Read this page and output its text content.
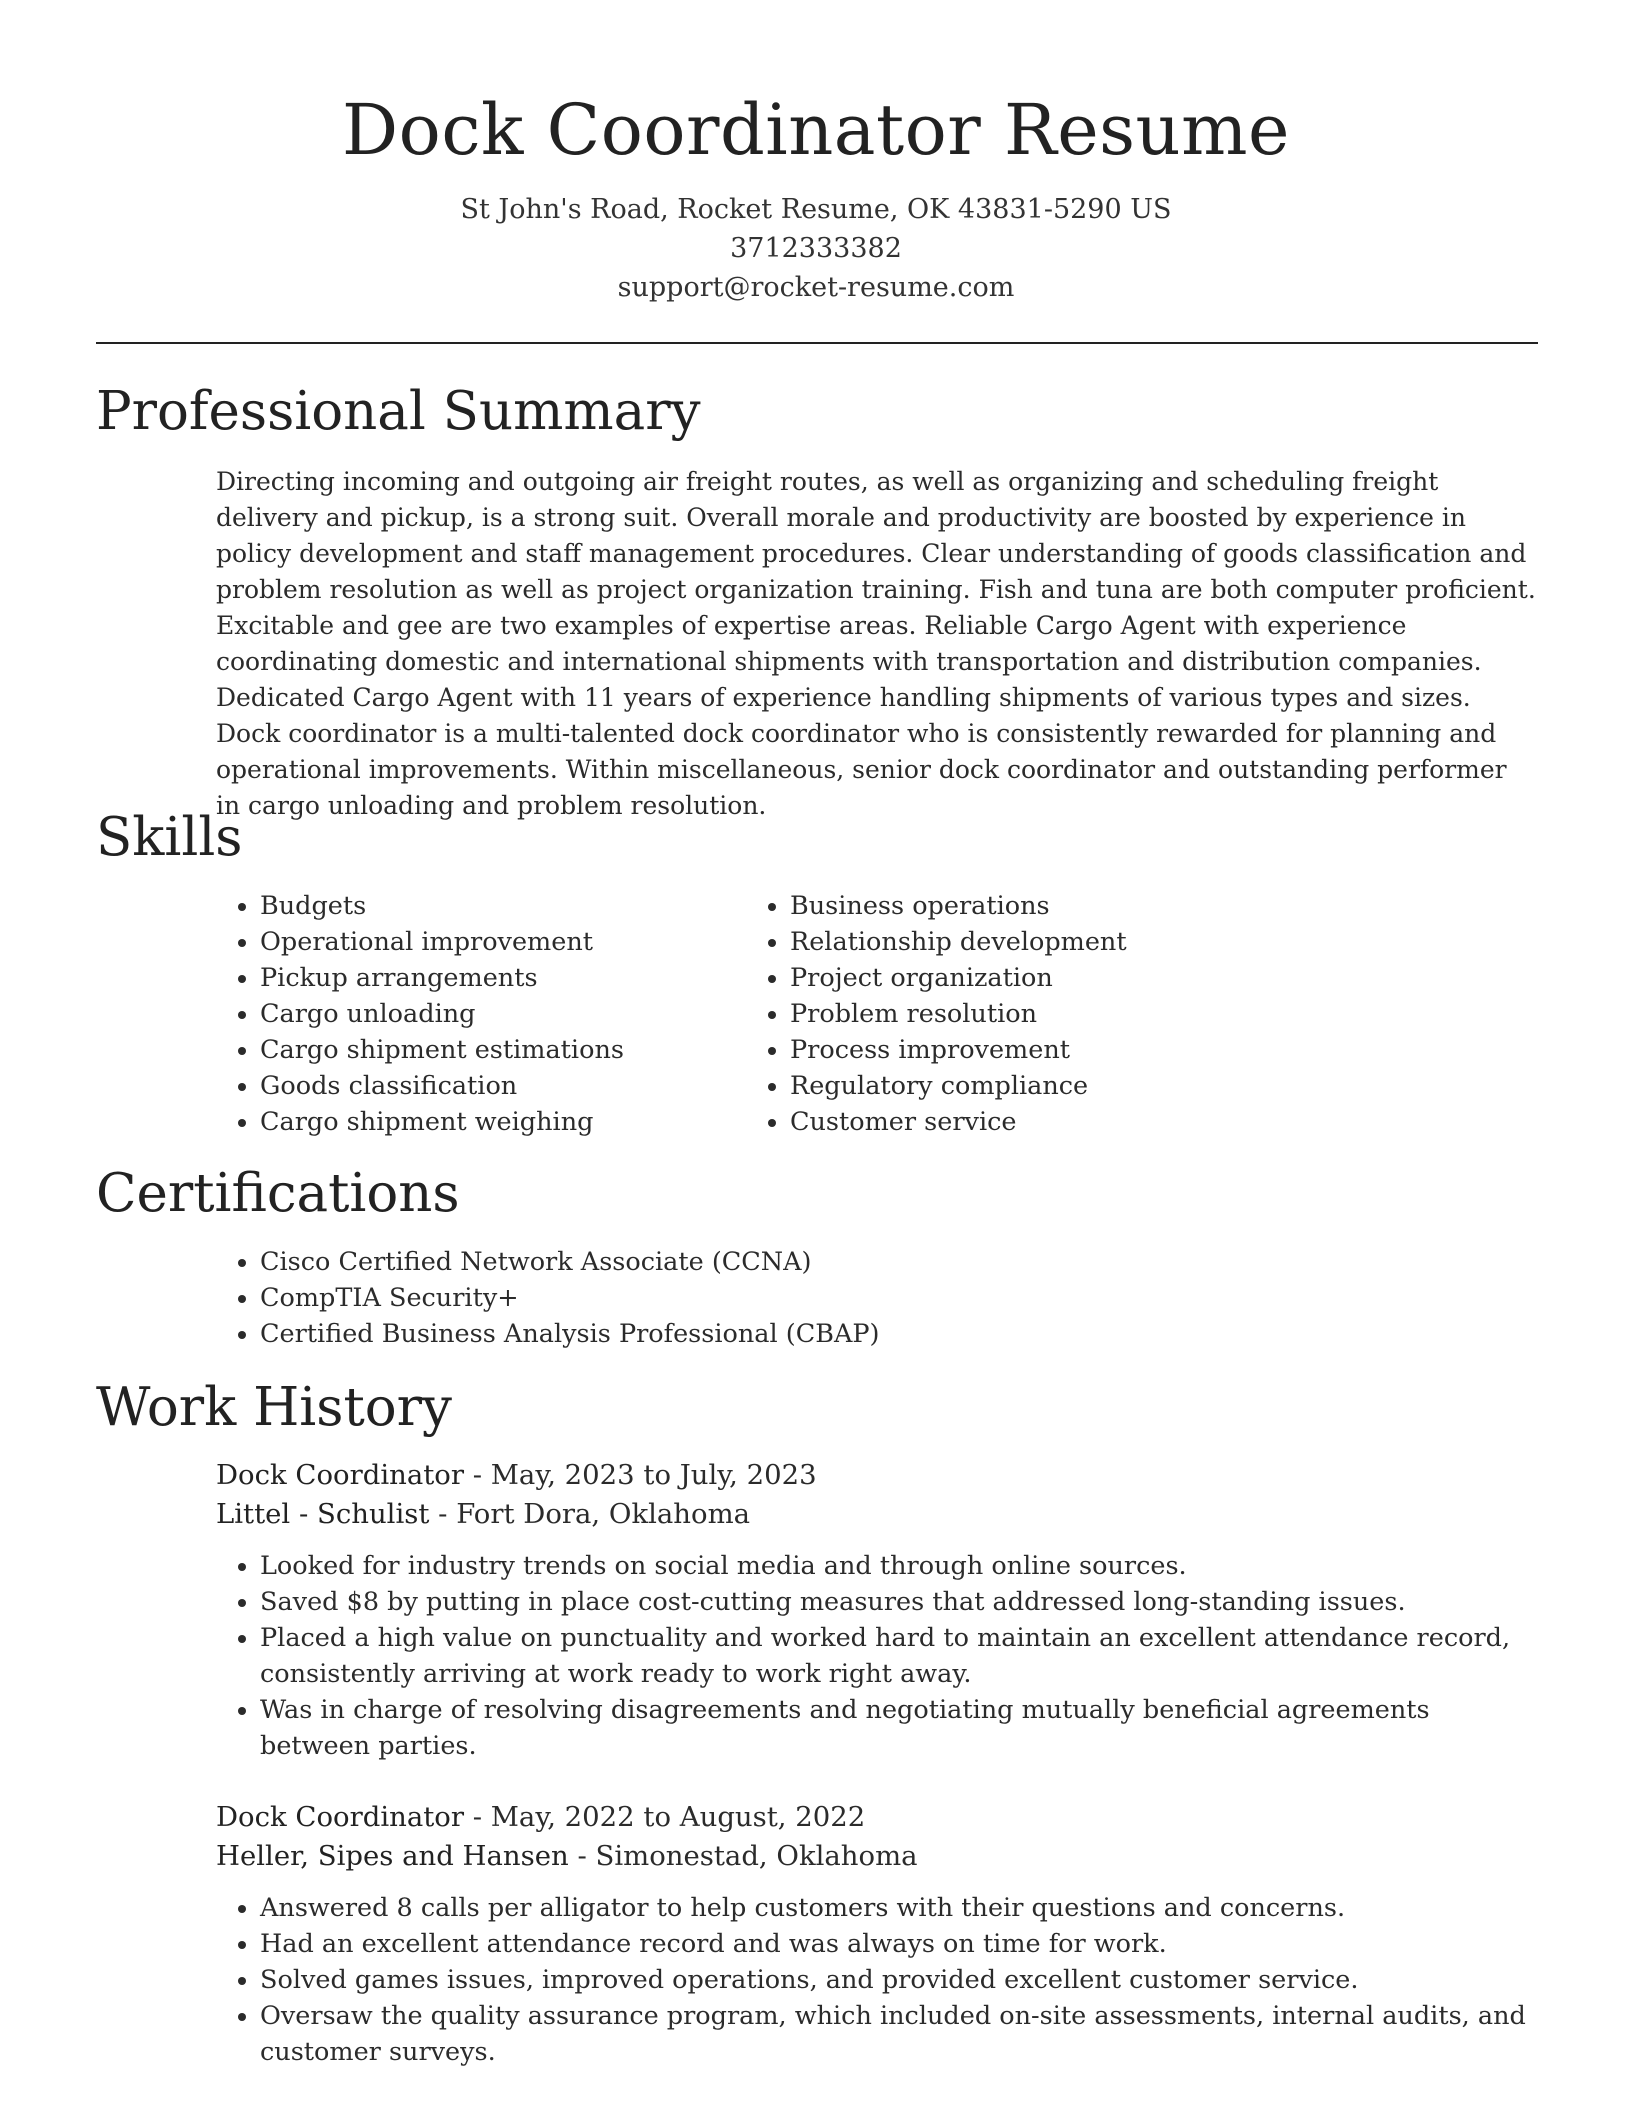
Dock Coordinator Resume
St John's Road, Rocket Resume, OK 43831-5290 US
3712333382
support@rocket-resume.com
Professional Summary

Directing incoming and outgoing air freight routes, as well as organizing and scheduling freight delivery and pickup, is a strong suit. Overall morale and productivity are boosted by experience in policy development and staff management procedures. Clear understanding of goods classification and problem resolution as well as project organization training. Fish and tuna are both computer proficient. Excitable and gee are two examples of expertise areas. Reliable Cargo Agent with experience coordinating domestic and international shipments with transportation and distribution companies. Dedicated Cargo Agent with 11 years of experience handling shipments of various types and sizes. Dock coordinator is a multi-talented dock coordinator who is consistently rewarded for planning and operational improvements. Within miscellaneous, senior dock coordinator and outstanding performer in cargo unloading and problem resolution.

Skills
• Budgets
• Operational improvement
• Pickup arrangements
• Cargo unloading
• Cargo shipment estimations
• Goods classification
• Cargo shipment weighing
• Business operations
• Relationship development
• Project organization
• Problem resolution
• Process improvement
• Regulatory compliance
• Customer service
Certifications
• Cisco Certified Network Associate (CCNA)
• CompTIA Security+
• Certified Business Analysis Professional (CBAP)
Work History
Dock Coordinator - May, 2023 to July, 2023
Littel - Schulist - Fort Dora, Oklahoma
• Looked for industry trends on social media and through online sources.
• Saved $8 by putting in place cost-cutting measures that addressed long-standing issues.
• Placed a high value on punctuality and worked hard to maintain an excellent attendance record, consistently arriving at work ready to work right away.
• Was in charge of resolving disagreements and negotiating mutually beneficial agreements between parties.
Dock Coordinator - May, 2022 to August, 2022
Heller, Sipes and Hansen - Simonestad, Oklahoma
• Answered 8 calls per alligator to help customers with their questions and concerns.
• Had an excellent attendance record and was always on time for work.
• Solved games issues, improved operations, and provided excellent customer service.
• Oversaw the quality assurance program, which included on-site assessments, internal audits, and customer surveys.
